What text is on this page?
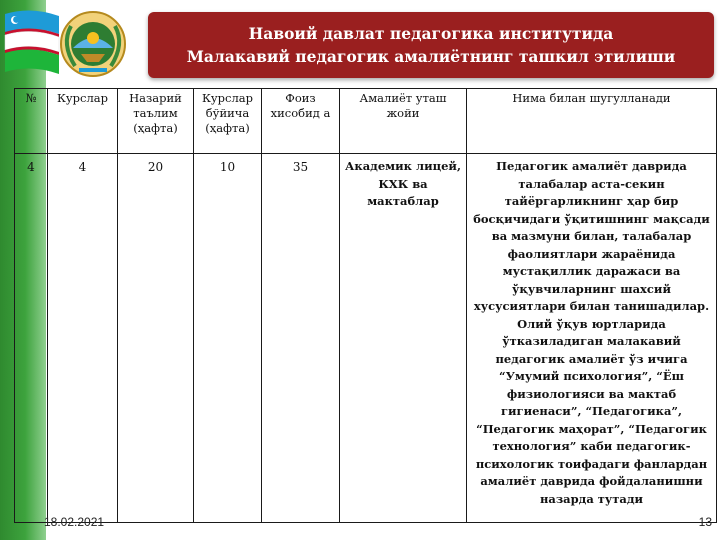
Навоий давлат педагогика институтида
Малакавий педагогик амалиётнинг ташкил этилиши
№	Курслар	Назарий таълим (ҳафта)	Курслар бўйича (ҳафта)	Фоиз хисобид а	Амалиёт уташ жойи	Нима билан шугулланади
4	4	20	10	35	Академик лицей, КХК ва мактаблар	Педагогик амалиёт даврида талабалар аста-секин тайёргарликнинг ҳар бир босқичидаги ўқитишнинг мақсади ва мазмуни билан, талабалар фаолиятлари жараёнида мустақиллик даражаси ва ўқувчиларнинг шахсий хусусиятлари билан танишадилар. Олий ўқув юртларида ўтказиладиган малакавий педагогик амалиёт ўз ичига “Умумий психология”, “Ёш физиологияси ва мактаб гигиенаси”, “Педагогика”, “Педагогик маҳорат”, “Педагогик технология” каби педагогик-психологик тоифадаги фанлардан амалиёт даврида фойдаланишни назарда тутади
18.02.2021	13
